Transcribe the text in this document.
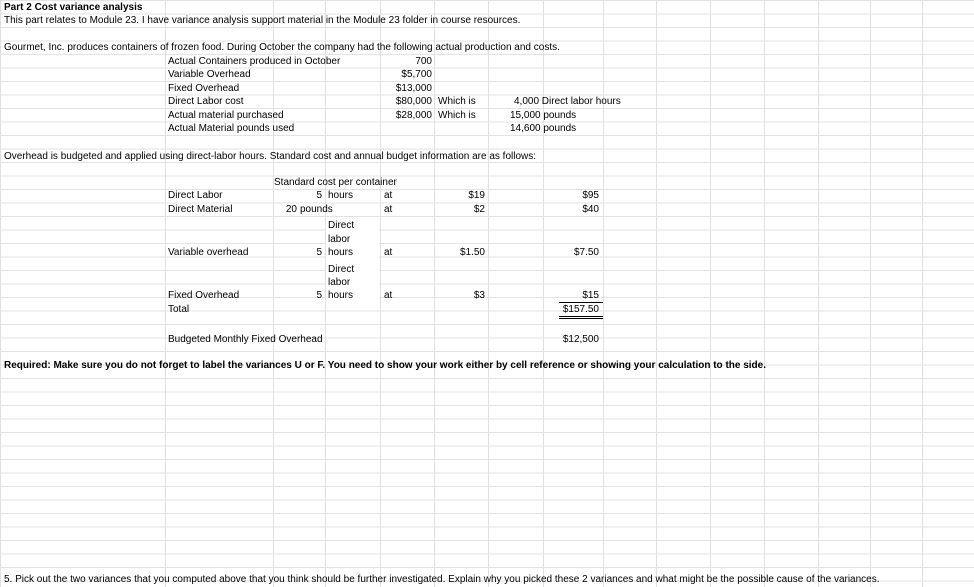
Part 2 Cost variance analysis
This part relates to Module 23. I have variance analysis support material in the Module 23 folder in course resources.
Gourmet, Inc. produces containers of frozen food. During October the company had the following actual production and costs.
Actual Containers produced in October	700
Variable Overhead	$5,700
Fixed Overhead	$13,000
Direct Labor cost	$80,000 Which is	4,000 Direct labor hours
Actual material purchased	$28,000 Which is	15,000 pounds
Actual Material pounds used	14,600 pounds
Overhead is budgeted and applied using direct-labor hours. Standard cost and annual budget information are as follows:
Standard cost per container
Direct Labor	5 hours	at	$19	$95
Direct Material	20 pounds	at	$2	$40
Direct
labor
Variable overhead	5 hours	at	$1.50	$7.50
Direct
labor
Fixed Overhead	5 hours	at	$3	$15
Total	$157.50
Budgeted Monthly Fixed Overhead	$12,500
Required: Make sure you do not forget to label the variances U or F. You need to show your work either by cell reference or showing your calculation to the side.
5. Pick out the two variances that you computed above that you think should be further investigated. Explain why you picked these 2 variances and what might be the possible cause of the variances.
